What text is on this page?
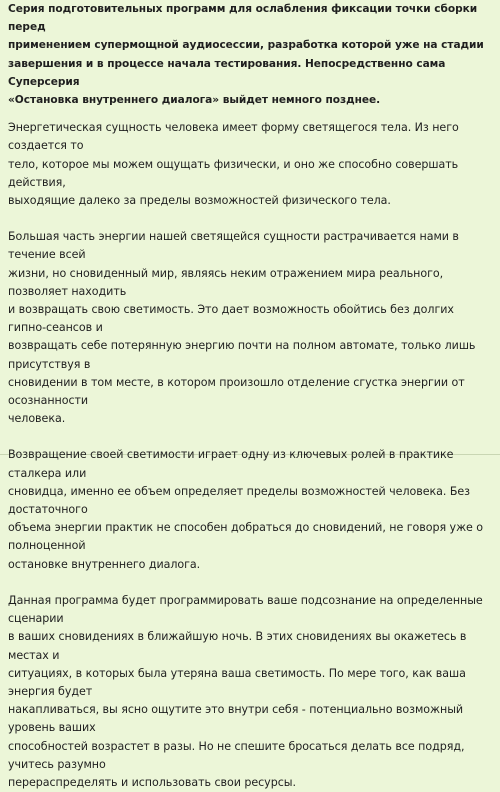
Серия подготовительных программ для ослабления фиксации точки сборки перед
применением супермощной аудиосессии, разработка которой уже на стадии
завершения и в процессе начала тестирования. Непосредственно сама Суперсерия
«Остановка внутреннего диалога» выйдет немного позднее.

Энергетическая сущность человека имеет форму светящегося тела. Из него создается то
тело, которое мы можем ощущать физически, и оно же способно совершать действия,
выходящие далеко за пределы возможностей физического тела.

Большая часть энергии нашей светящейся сущности растрачивается нами в течение всей
жизни, но сновиденный мир, являясь неким отражением мира реального, позволяет находить
и возвращать свою светимость. Это дает возможность обойтись без долгих гипно-сеансов и
возвращать себе потерянную энергию почти на полном автомате, только лишь присутствуя в
сновидении в том месте, в котором произошло отделение сгустка энергии от осознанности
человека.

Возвращение своей светимости играет одну из ключевых ролей в практике сталкера или
сновидца, именно ее объем определяет пределы возможностей человека. Без достаточного
объема энергии практик не способен добраться до сновидений, не говоря уже о полноценной
остановке внутреннего диалога.

Данная программа будет программировать ваше подсознание на определенные сценарии
в ваших сновидениях в ближайшую ночь. В этих сновидениях вы окажетесь в местах и
ситуациях, в которых была утеряна ваша светимость. По мере того, как ваша энергия будет
накапливаться, вы ясно ощутите это внутри себя - потенциально возможный уровень ваших
способностей возрастет в разы. Но не спешите бросаться делать все подряд, учитесь разумно
перераспределять и использовать свои ресурсы.
